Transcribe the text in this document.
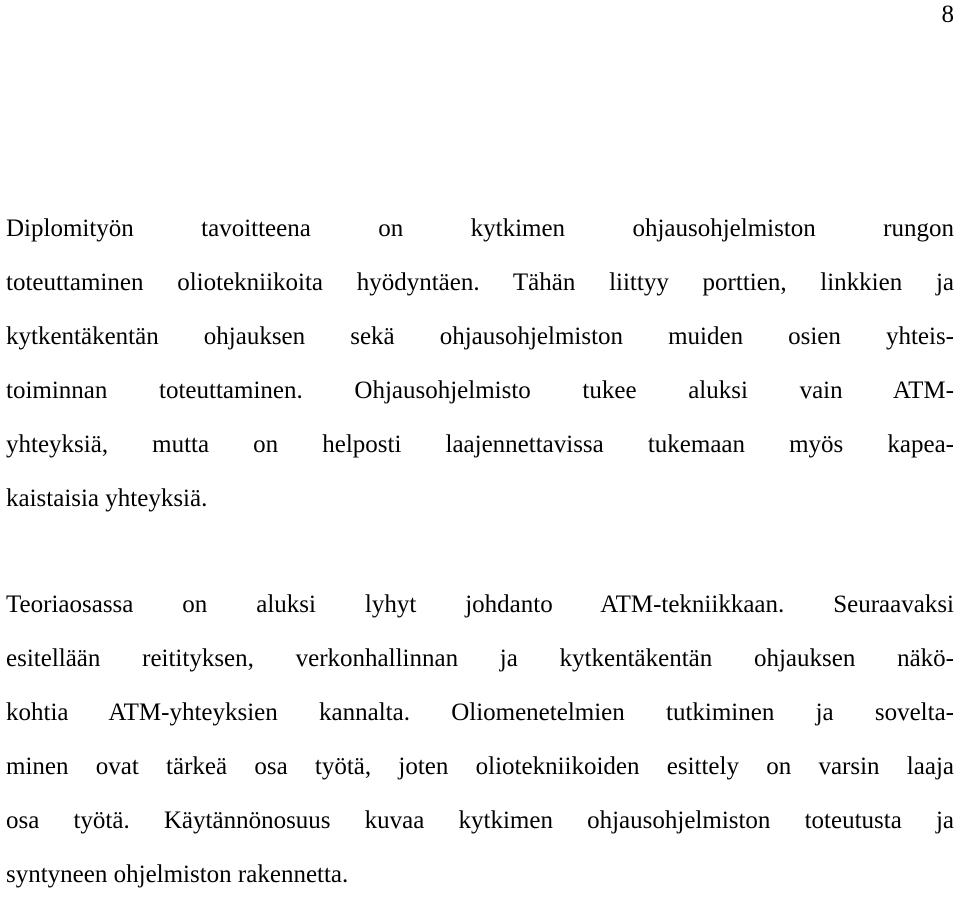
8
Diplomityön tavoitteena on kytkimen ohjausohjelmiston rungon
toteuttaminen oliotekniikoita hyödyntäen. Tähän liittyy porttien, linkkien ja
kytkentäkentän ohjauksen sekä ohjausohjelmiston muiden osien yhteis-
toiminnan toteuttaminen. Ohjausohjelmisto tukee aluksi vain ATM-
yhteyksiä, mutta on helposti laajennettavissa tukemaan myös kapea-
kaistaisia yhteyksiä.
Teoriaosassa on aluksi lyhyt johdanto ATM-tekniikkaan. Seuraavaksi
esitellään reitityksen, verkonhallinnan ja kytkentäkentän ohjauksen näkö-
kohtia ATM-yhteyksien kannalta. Oliomenetelmien tutkiminen ja sovelta-
minen ovat tärkeä osa työtä, joten oliotekniikoiden esittely on varsin laaja
osa työtä. Käytännönosuus kuvaa kytkimen ohjausohjelmiston toteutusta ja
syntyneen ohjelmiston rakennetta.
